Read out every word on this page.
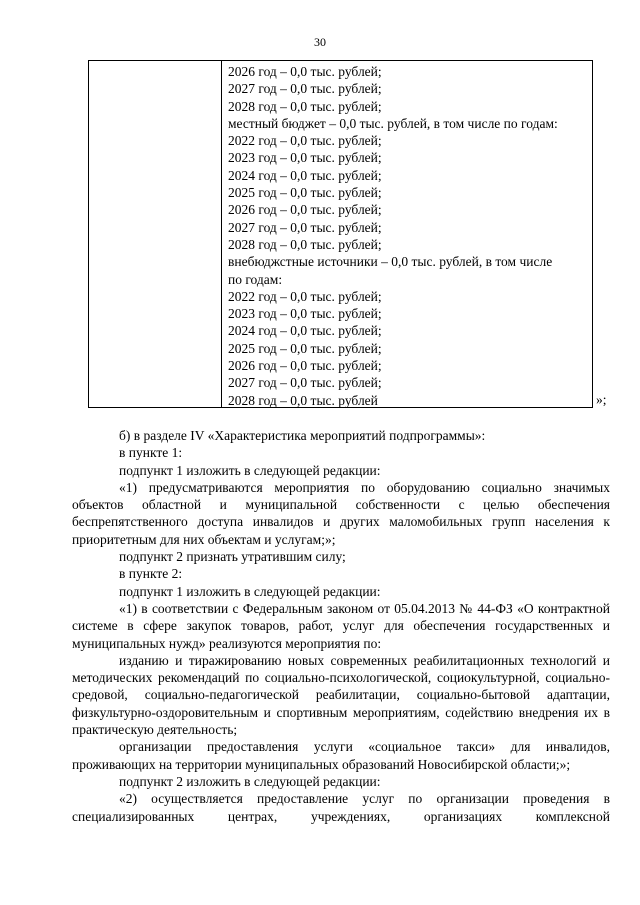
30
2026 год – 0,0 тыс. рублей;
2027 год – 0,0 тыс. рублей;
2028 год – 0,0 тыс. рублей;
местный бюджет – 0,0 тыс. рублей, в том числе по годам:
2022 год – 0,0 тыс. рублей;
2023 год – 0,0 тыс. рублей;
2024 год – 0,0 тыс. рублей;
2025 год – 0,0 тыс. рублей;
2026 год – 0,0 тыс. рублей;
2027 год – 0,0 тыс. рублей;
2028 год – 0,0 тыс. рублей;
внебюджстные источники – 0,0 тыс. рублей, в том числе
по годам:
2022 год – 0,0 тыс. рублей;
2023 год – 0,0 тыс. рублей;
2024 год – 0,0 тыс. рублей;
2025 год – 0,0 тыс. рублей;
2026 год – 0,0 тыс. рублей;
2027 год – 0,0 тыс. рублей;
2028 год – 0,0 тыс. рублей	»;
б) в разделе IV «Характеристика мероприятий подпрограммы»:
в пункте 1:
подпункт 1 изложить в следующей редакции:
«1) предусматриваются мероприятия по оборудованию социально значимых объектов областной и муниципальной собственности с целью обеспечения беспрепятственного доступа инвалидов и других маломобильных групп населения к приоритетным для них объектам и услугам;»;
подпункт 2 признать утратившим силу;
в пункте 2:
подпункт 1 изложить в следующей редакции:
«1) в соответствии с Федеральным законом от 05.04.2013 № 44-ФЗ «О контрактной системе в сфере закупок товаров, работ, услуг для обеспечения государственных и муниципальных нужд» реализуются мероприятия по:
изданию и тиражированию новых современных реабилитационных технологий и методических рекомендаций по социально-психологической, социокультурной, социально-средовой, социально-педагогической реабилитации, социально-бытовой адаптации, физкультурно-оздоровительным и спортивным мероприятиям, содействию внедрения их в практическую деятельность;
организации предоставления услуги «социальное такси» для инвалидов, проживающих на территории муниципальных образований Новосибирской области;»;
подпункт 2 изложить в следующей редакции:
«2) осуществляется предоставление услуг по организации проведения в специализированных центрах, учреждениях, организациях комплексной
